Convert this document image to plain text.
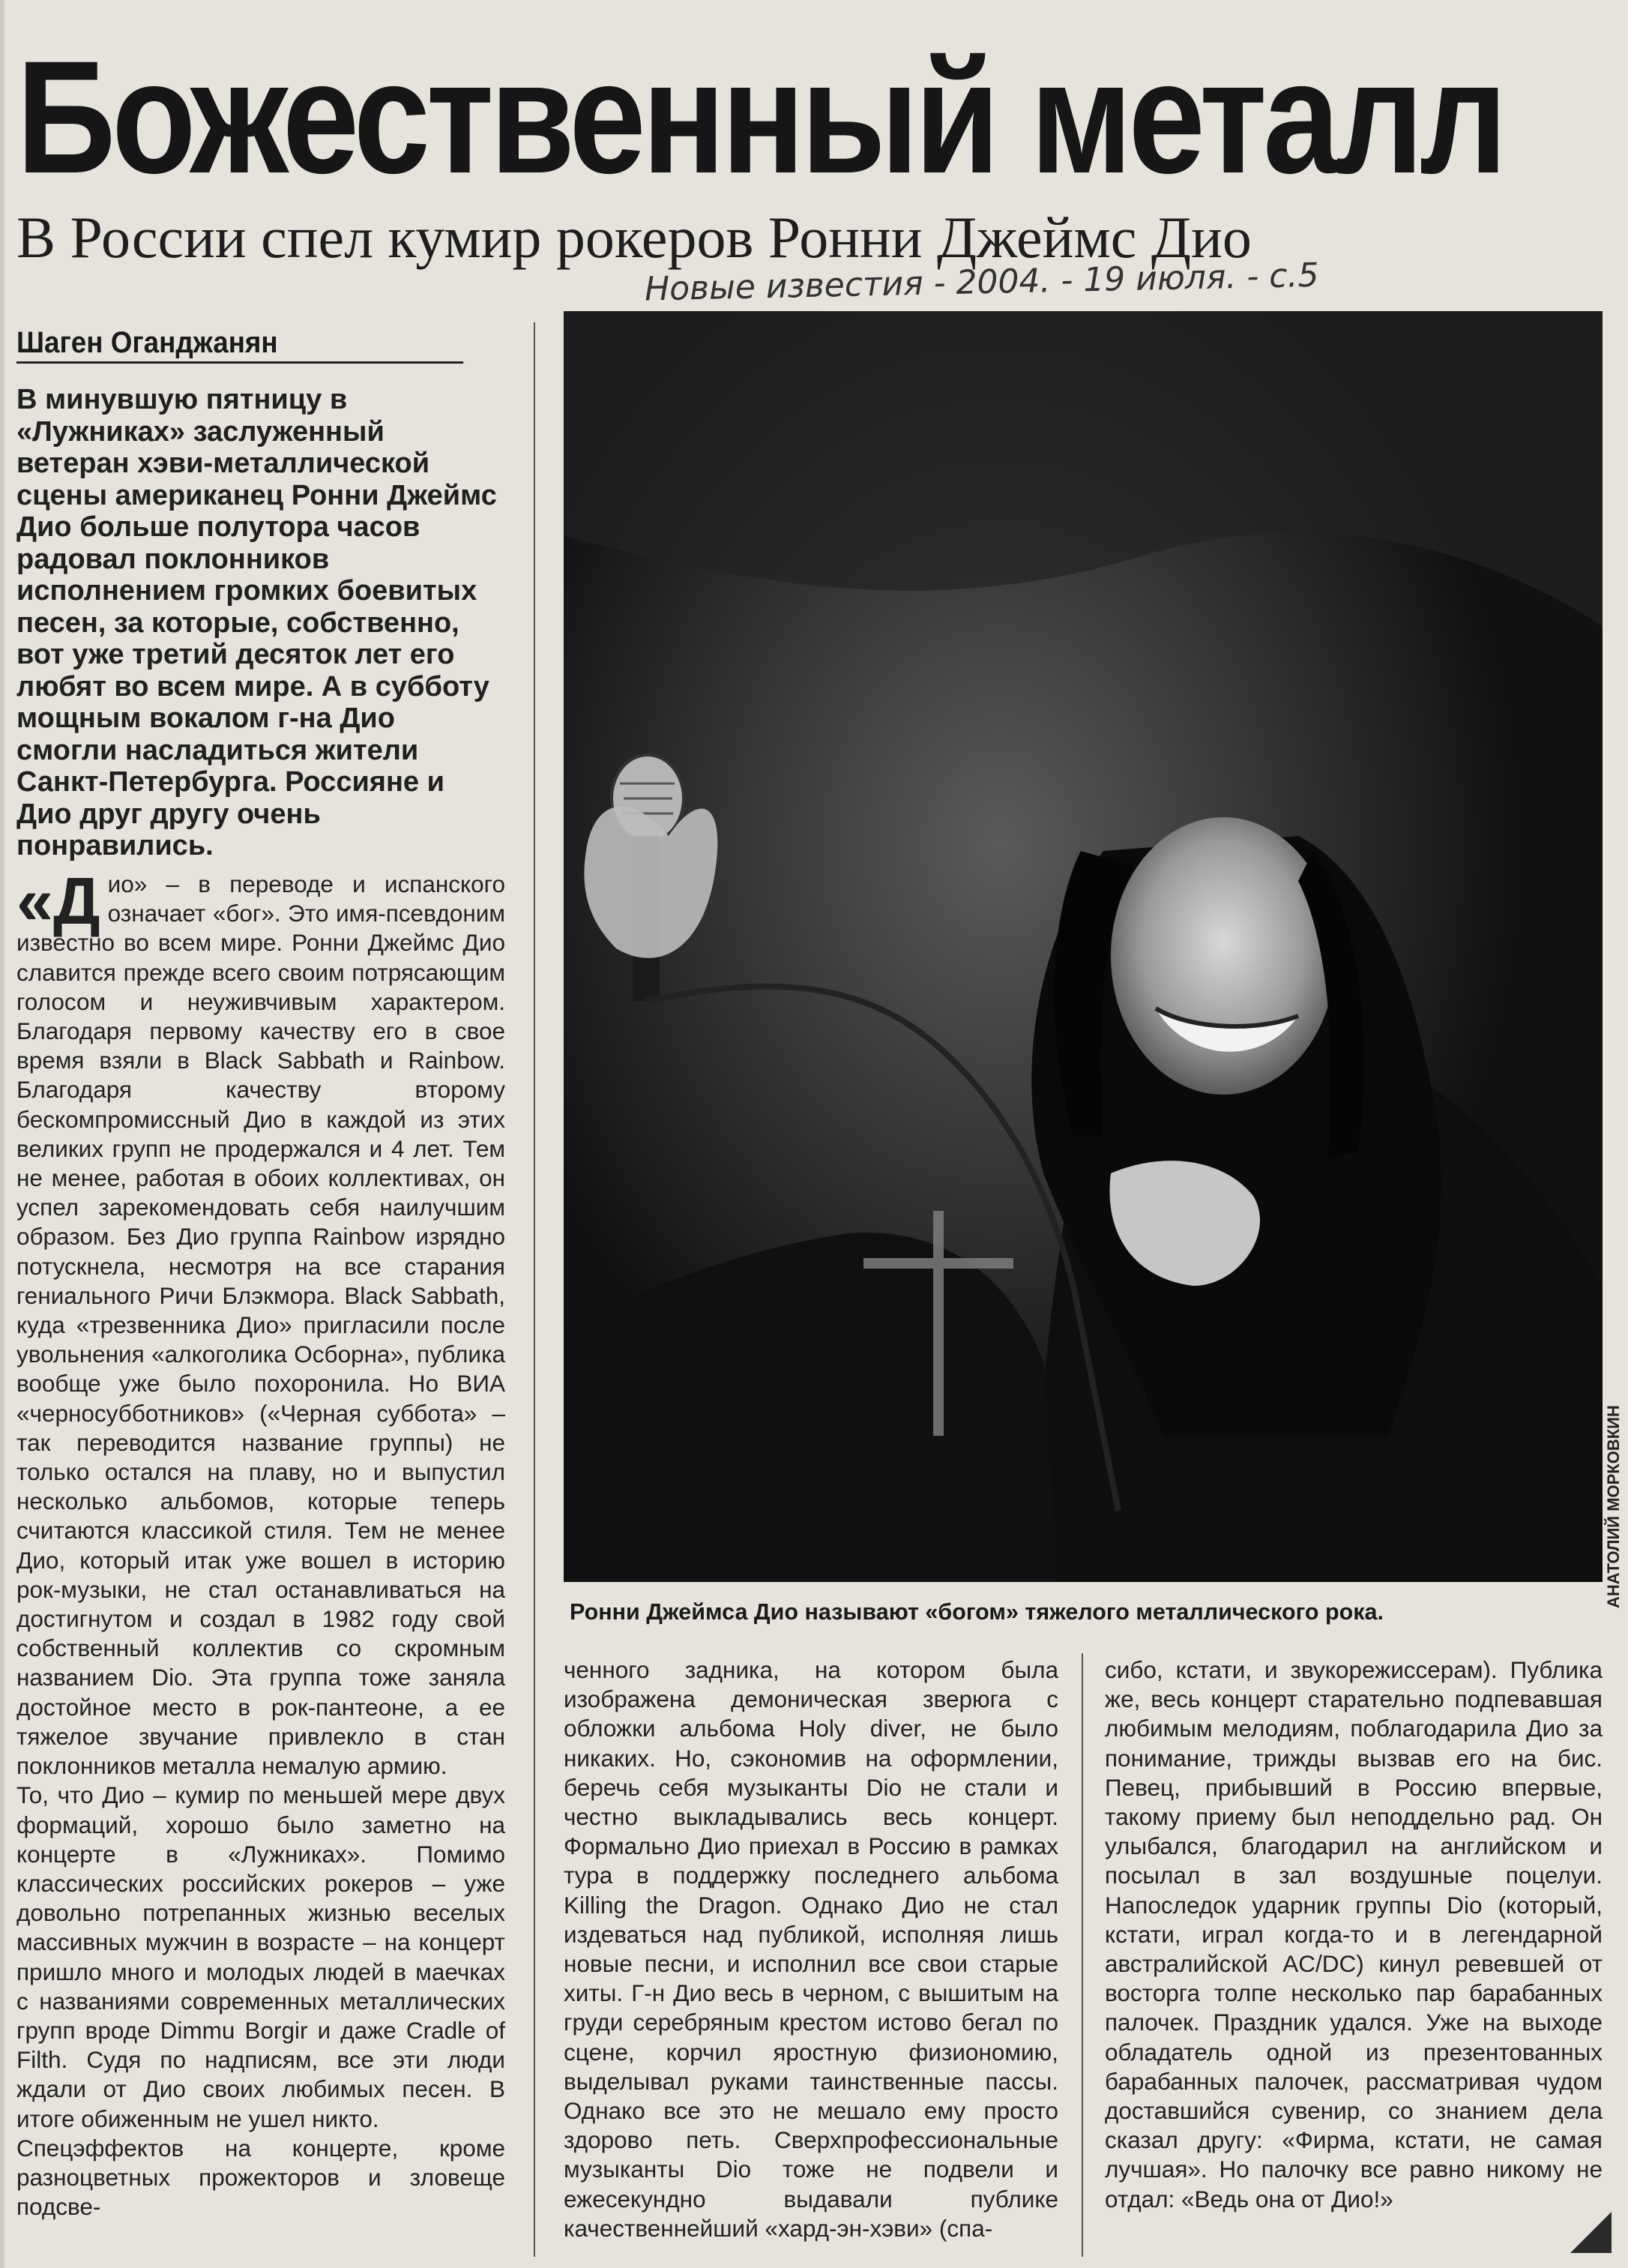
Божественный металл
В России спел кумир рокеров Ронни Джеймс Дио
Новые известия - 2004. - 19 июля. - с.5
Шаген Оганджанян
В минувшую пятницу в «Лужниках» заслуженный ветеран хэви-металлической сцены американец Ронни Джеймс Дио больше полутора часов радовал поклонников исполнением громких боевитых песен, за которые, собственно, вот уже третий десяток лет его любят во всем мире. А в субботу мощным вокалом г-на Дио смогли насладиться жители Санкт-Петербурга. Россияне и Дио друг другу очень понравились.

«Дио» – в переводе и испанского означает «бог». Это имя-псевдоним известно во всем мире. Ронни Джеймс Дио славится прежде всего своим потрясающим голосом и неуживчивым характером. Благодаря первому качеству его в свое время взяли в Black Sabbath и Rainbow. Благодаря качеству второму бескомпромиссный Дио в каждой из этих великих групп не продержался и 4 лет. Тем не менее, работая в обоих коллективах, он успел зарекомендовать себя наилучшим образом. Без Дио группа Rainbow изрядно потускнела, несмотря на все старания гениального Ричи Блэкмора. Black Sabbath, куда «трезвенника Дио» пригласили после увольнения «алкоголика Осборна», публика вообще уже было похоронила. Но ВИА «черносубботников» («Черная суббота» – так переводится название группы) не только остался на плаву, но и выпустил несколько альбомов, которые теперь считаются классикой стиля. Тем не менее Дио, который итак уже вошел в историю рок-музыки, не стал останавливаться на достигнутом и создал в 1982 году свой собственный коллектив со скромным названием Dio. Эта группа тоже заняла достойное место в рок-пантеоне, а ее тяжелое звучание привлекло в стан поклонников металла немалую армию.

То, что Дио – кумир по меньшей мере двух формаций, хорошо было заметно на концерте в «Лужниках». Помимо классических российских рокеров – уже довольно потрепанных жизнью веселых массивных мужчин в возрасте – на концерт пришло много и молодых людей в маечках с названиями современных металлических групп вроде Dimmu Borgir и даже Cradle of Filth. Судя по надписям, все эти люди ждали от Дио своих любимых песен. В итоге обиженным не ушел никто.

Спецэффектов на концерте, кроме разноцветных прожекторов и зловеще подсве-

АНАТОЛИЙ МОРКОВКИН
Ронни Джеймса Дио называют «богом» тяжелого металлического рока.

ченного задника, на котором была изображена демоническая зверюга с обложки альбома Holy diver, не было никаких. Но, сэкономив на оформлении, беречь себя музыканты Dio не стали и честно выкладывались весь концерт. Формально Дио приехал в Россию в рамках тура в поддержку последнего альбома Killing the Dragon. Однако Дио не стал издеваться над публикой, исполняя лишь новые песни, и исполнил все свои старые хиты. Г-н Дио весь в черном, с вышитым на груди серебряным крестом истово бегал по сцене, корчил яростную физиономию, выделывал руками таинственные пассы. Однако все это не мешало ему просто здорово петь. Сверхпрофессиональные музыканты Dio тоже не подвели и ежесекундно выдавали публике качественнейший «хард-эн-хэви» (спа-

сибо, кстати, и звукорежиссерам). Публика же, весь концерт старательно подпевавшая любимым мелодиям, поблагодарила Дио за понимание, трижды вызвав его на бис. Певец, прибывший в Россию впервые, такому приему был неподдельно рад. Он улыбался, благодарил на английском и посылал в зал воздушные поцелуи. Напоследок ударник группы Dio (который, кстати, играл когда-то и в легендарной австралийской AC/DC) кинул ревевшей от восторга толпе несколько пар барабанных палочек. Праздник удался. Уже на выходе обладатель одной из презентованных барабанных палочек, рассматривая чудом доставшийся сувенир, со знанием дела сказал другу: «Фирма, кстати, не самая лучшая». Но палочку все равно никому не отдал: «Ведь она от Дио!»
